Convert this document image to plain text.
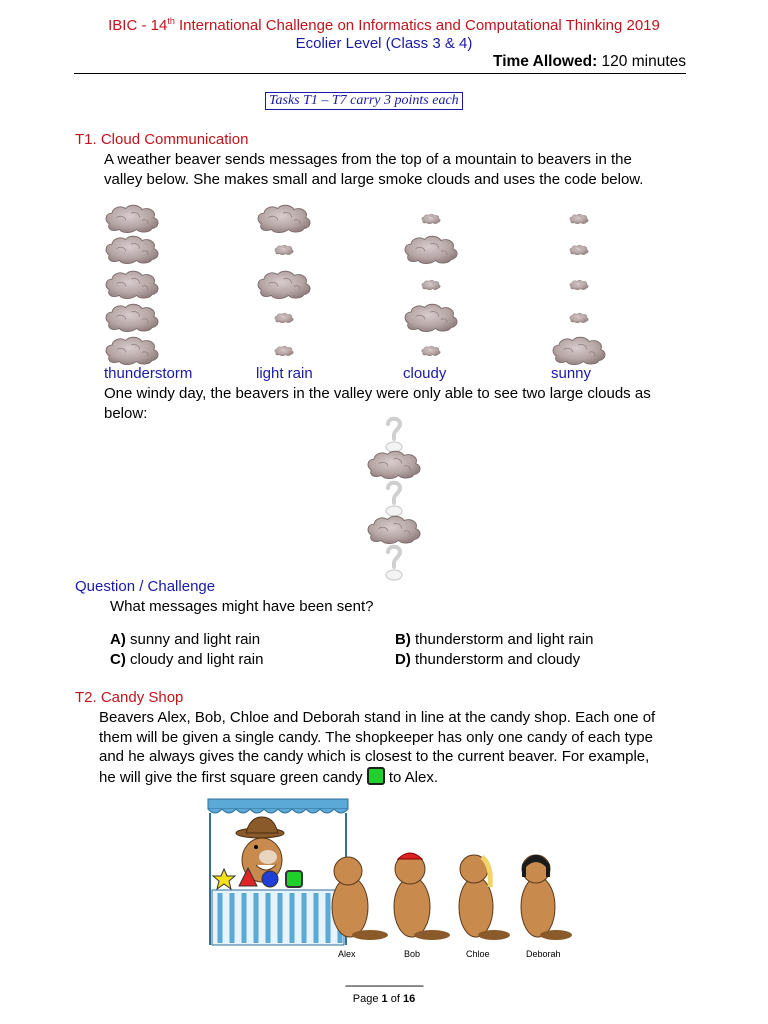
IBIC - 14th International Challenge on Informatics and Computational Thinking 2019
Ecolier Level (Class 3 & 4)
Time Allowed: 120 minutes
Tasks T1 – T7 carry 3 points each
T1. Cloud Communication
A weather beaver sends messages from the top of a mountain to beavers in the
valley below. She makes small and large smoke clouds and uses the code below.
thunderstorm	light rain	cloudy	sunny
One windy day, the beavers in the valley were only able to see two large clouds as
below:
Question / Challenge
What messages might have been sent?
A) sunny and light rain	B) thunderstorm and light rain
C) cloudy and light rain	D) thunderstorm and cloudy
T2. Candy Shop
Beavers Alex, Bob, Chloe and Deborah stand in line at the candy shop. Each one of
them will be given a single candy. The shopkeeper has only one candy of each type
and he always gives the candy which is closest to the current beaver. For example,
he will give the first square green candy  to Alex.
Alex	Bob	Chloe	Deborah
--------------------------
Page 1 of 16
